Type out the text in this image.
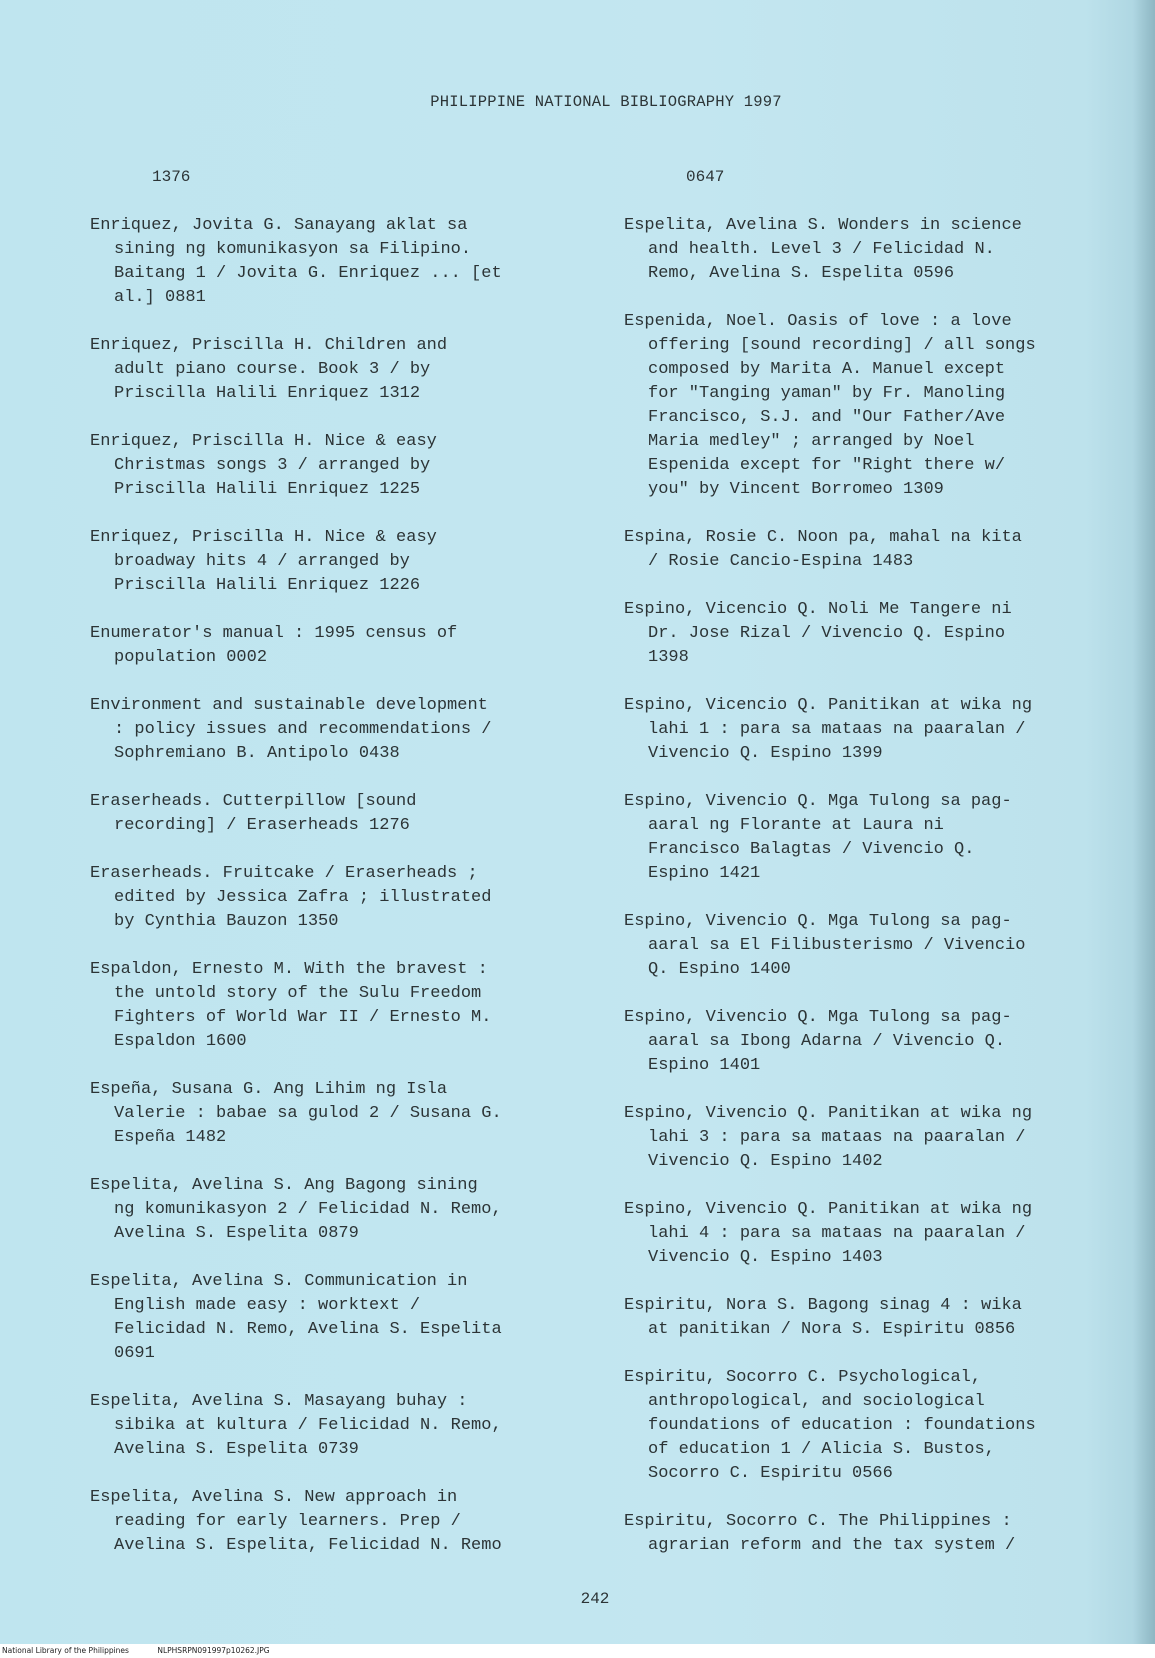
PHILIPPINE NATIONAL BIBLIOGRAPHY 1997
1376
Enriquez, Jovita G. Sanayang aklat sa
sining ng komunikasyon sa Filipino.
Baitang 1 / Jovita G. Enriquez ... [et
al.] 0881
Enriquez, Priscilla H. Children and
adult piano course. Book 3 / by
Priscilla Halili Enriquez 1312
Enriquez, Priscilla H. Nice & easy
Christmas songs 3 / arranged by
Priscilla Halili Enriquez 1225
Enriquez, Priscilla H. Nice & easy
broadway hits 4 / arranged by
Priscilla Halili Enriquez 1226
Enumerator's manual : 1995 census of
population 0002
Environment and sustainable development
: policy issues and recommendations /
Sophremiano B. Antipolo 0438
Eraserheads. Cutterpillow [sound
recording] / Eraserheads 1276
Eraserheads. Fruitcake / Eraserheads ;
edited by Jessica Zafra ; illustrated
by Cynthia Bauzon 1350
Espaldon, Ernesto M. With the bravest :
the untold story of the Sulu Freedom
Fighters of World War II / Ernesto M.
Espaldon 1600
Espeña, Susana G. Ang Lihim ng Isla
Valerie : babae sa gulod 2 / Susana G.
Espeña 1482
Espelita, Avelina S. Ang Bagong sining
ng komunikasyon 2 / Felicidad N. Remo,
Avelina S. Espelita 0879
Espelita, Avelina S. Communication in
English made easy : worktext /
Felicidad N. Remo, Avelina S. Espelita
0691
Espelita, Avelina S. Masayang buhay :
sibika at kultura / Felicidad N. Remo,
Avelina S. Espelita 0739
Espelita, Avelina S. New approach in
reading for early learners. Prep /
Avelina S. Espelita, Felicidad N. Remo
0647
Espelita, Avelina S. Wonders in science
and health. Level 3 / Felicidad N.
Remo, Avelina S. Espelita 0596
Espenida, Noel. Oasis of love : a love
offering [sound recording] / all songs
composed by Marita A. Manuel except
for "Tanging yaman" by Fr. Manoling
Francisco, S.J. and "Our Father/Ave
Maria medley" ; arranged by Noel
Espenida except for "Right there w/
you" by Vincent Borromeo 1309
Espina, Rosie C. Noon pa, mahal na kita
/ Rosie Cancio-Espina 1483
Espino, Vicencio Q. Noli Me Tangere ni
Dr. Jose Rizal / Vivencio Q. Espino
1398
Espino, Vicencio Q. Panitikan at wika ng
lahi 1 : para sa mataas na paaralan /
Vivencio Q. Espino 1399
Espino, Vivencio Q. Mga Tulong sa pag-
aaral ng Florante at Laura ni
Francisco Balagtas / Vivencio Q.
Espino 1421
Espino, Vivencio Q. Mga Tulong sa pag-
aaral sa El Filibusterismo / Vivencio
Q. Espino 1400
Espino, Vivencio Q. Mga Tulong sa pag-
aaral sa Ibong Adarna / Vivencio Q.
Espino 1401
Espino, Vivencio Q. Panitikan at wika ng
lahi 3 : para sa mataas na paaralan /
Vivencio Q. Espino 1402
Espino, Vivencio Q. Panitikan at wika ng
lahi 4 : para sa mataas na paaralan /
Vivencio Q. Espino 1403
Espiritu, Nora S. Bagong sinag 4 : wika
at panitikan / Nora S. Espiritu 0856
Espiritu, Socorro C. Psychological,
anthropological, and sociological
foundations of education : foundations
of education 1 / Alicia S. Bustos,
Socorro C. Espiritu 0566
Espiritu, Socorro C. The Philippines :
agrarian reform and the tax system /
242
National Library of the Philippines	NLPHSRPN091997p10262.JPG
